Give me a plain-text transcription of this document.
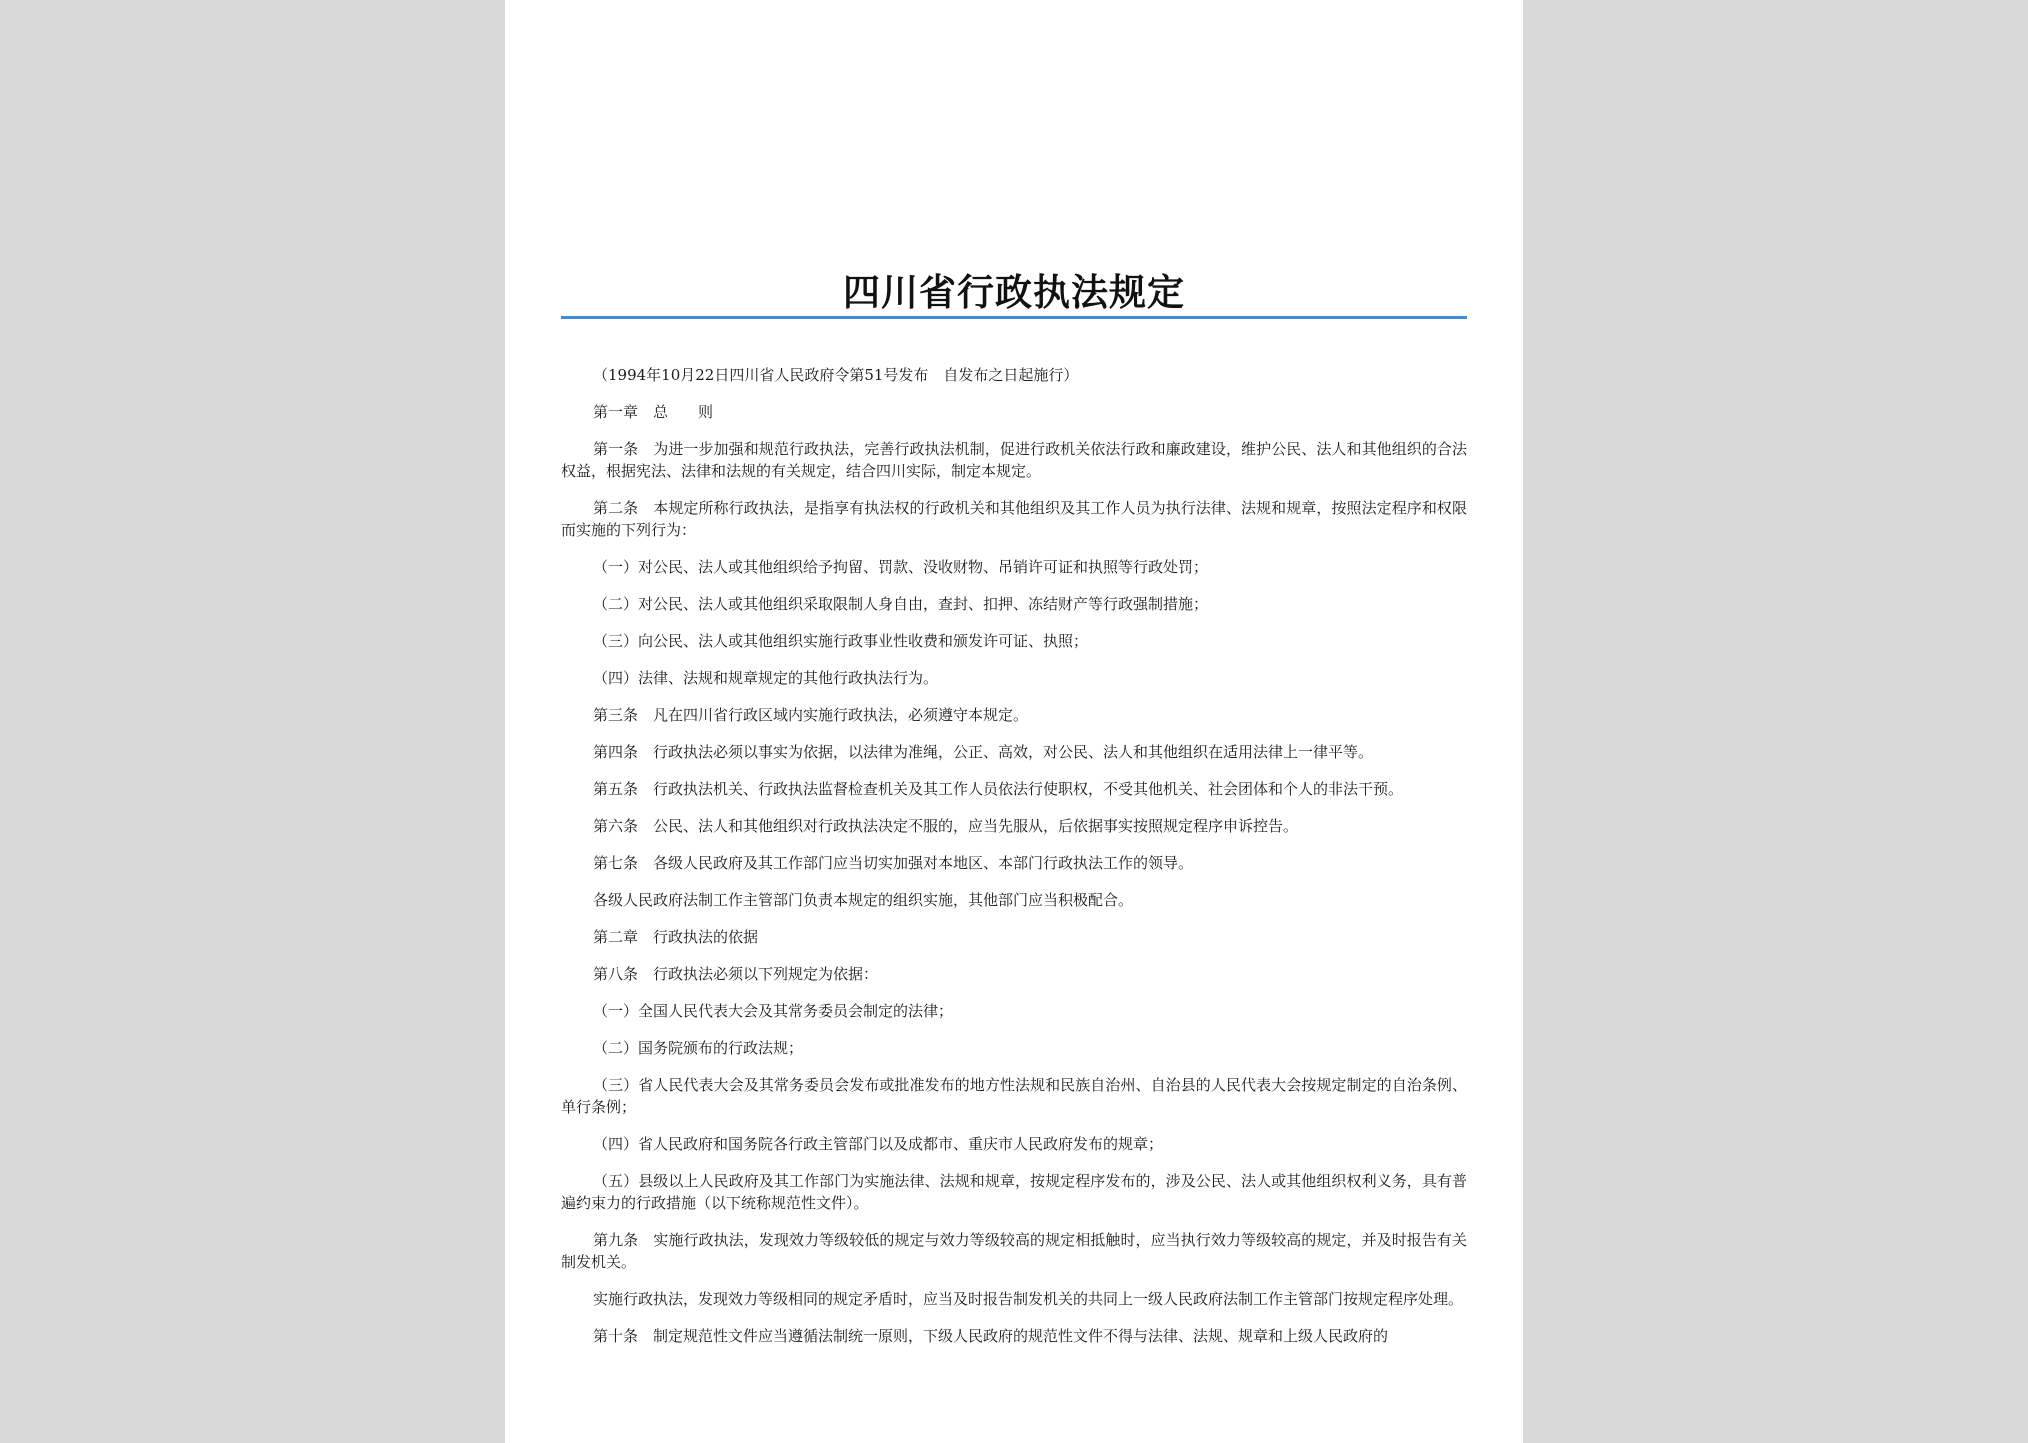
四川省行政执法规定

（1994年10月22日四川省人民政府令第51号发布　自发布之日起施行）

第一章　总　　则

第一条　为进一步加强和规范行政执法，完善行政执法机制，促进行政机关依法行政和廉政建设，维护公民、法人和其他组织的合法权益，根据宪法、法律和法规的有关规定，结合四川实际，制定本规定。

第二条　本规定所称行政执法，是指享有执法权的行政机关和其他组织及其工作人员为执行法律、法规和规章，按照法定程序和权限而实施的下列行为：

（一）对公民、法人或其他组织给予拘留、罚款、没收财物、吊销许可证和执照等行政处罚；

（二）对公民、法人或其他组织采取限制人身自由，查封、扣押、冻结财产等行政强制措施；

（三）向公民、法人或其他组织实施行政事业性收费和颁发许可证、执照；

（四）法律、法规和规章规定的其他行政执法行为。

第三条　凡在四川省行政区域内实施行政执法，必须遵守本规定。

第四条　行政执法必须以事实为依据，以法律为准绳，公正、高效，对公民、法人和其他组织在适用法律上一律平等。

第五条　行政执法机关、行政执法监督检查机关及其工作人员依法行使职权，不受其他机关、社会团体和个人的非法干预。

第六条　公民、法人和其他组织对行政执法决定不服的，应当先服从，后依据事实按照规定程序申诉控告。

第七条　各级人民政府及其工作部门应当切实加强对本地区、本部门行政执法工作的领导。

各级人民政府法制工作主管部门负责本规定的组织实施，其他部门应当积极配合。

第二章　行政执法的依据

第八条　行政执法必须以下列规定为依据：

（一）全国人民代表大会及其常务委员会制定的法律；

（二）国务院颁布的行政法规；

（三）省人民代表大会及其常务委员会发布或批准发布的地方性法规和民族自治州、自治县的人民代表大会按规定制定的自治条例、单行条例；

（四）省人民政府和国务院各行政主管部门以及成都市、重庆市人民政府发布的规章；

（五）县级以上人民政府及其工作部门为实施法律、法规和规章，按规定程序发布的，涉及公民、法人或其他组织权利义务，具有普遍约束力的行政措施（以下统称规范性文件）。

第九条　实施行政执法，发现效力等级较低的规定与效力等级较高的规定相抵触时，应当执行效力等级较高的规定，并及时报告有关制发机关。

实施行政执法，发现效力等级相同的规定矛盾时，应当及时报告制发机关的共同上一级人民政府法制工作主管部门按规定程序处理。

第十条　制定规范性文件应当遵循法制统一原则，下级人民政府的规范性文件不得与法律、法规、规章和上级人民政府的
